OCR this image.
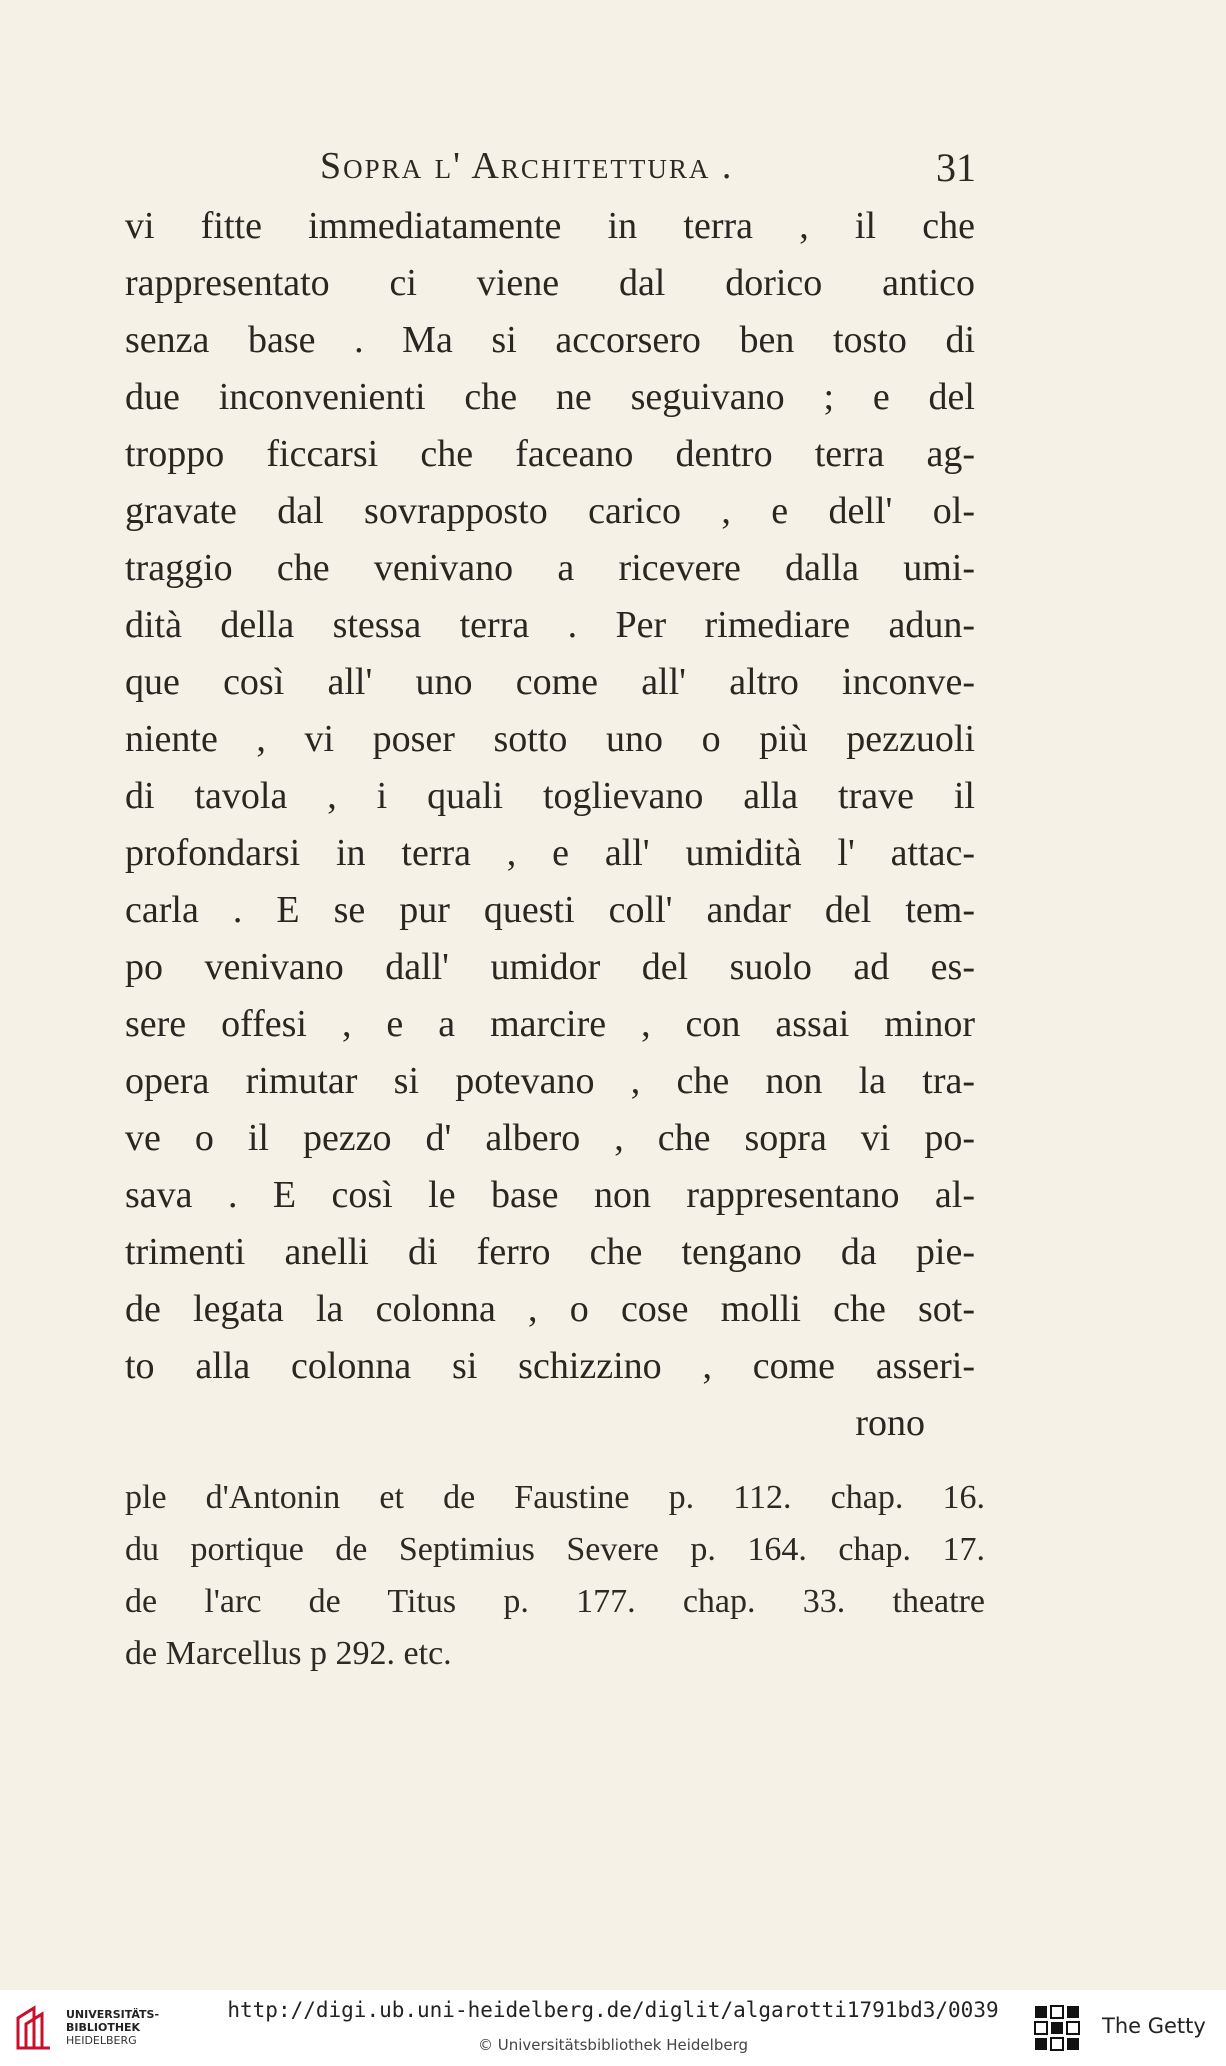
Sopra l' Architettura .	31
vi fitte immediatamente in terra , il che
rappresentato ci viene dal dorico antico
senza base . Ma si accorsero ben tosto di
due inconvenienti che ne seguivano ; e del
troppo ficcarsi che faceano dentro terra ag-
gravate dal sovrapposto carico , e dell' ol-
traggio che venivano a ricevere dalla umi-
dità della stessa terra . Per rimediare adun-
que così all' uno come all' altro inconve-
niente , vi poser sotto uno o più pezzuoli
di tavola , i quali toglievano alla trave il
profondarsi in terra , e all' umidità l' attac-
carla . E se pur questi coll' andar del tem-
po venivano dall' umidor del suolo ad es-
sere offesi , e a marcire , con assai minor
opera rimutar si potevano , che non la tra-
ve o il pezzo d' albero , che sopra vi po-
sava . E così le base non rappresentano al-
trimenti anelli di ferro che tengano da pie-
de legata la colonna , o cose molli che sot-
to alla colonna si schizzino , come asseri-
rono
ple d'Antonin et de Faustine p. 112. chap. 16.
du portique de Septimius Severe p. 164. chap. 17.
de l'arc de Titus p. 177. chap. 33. theatre
de Marcellus p 292. etc.
UNIVERSITÄTS-
BIBLIOTHEK
HEIDELBERG
http://digi.ub.uni-heidelberg.de/diglit/algarotti1791bd3/0039
© Universitätsbibliothek Heidelberg
The Getty
